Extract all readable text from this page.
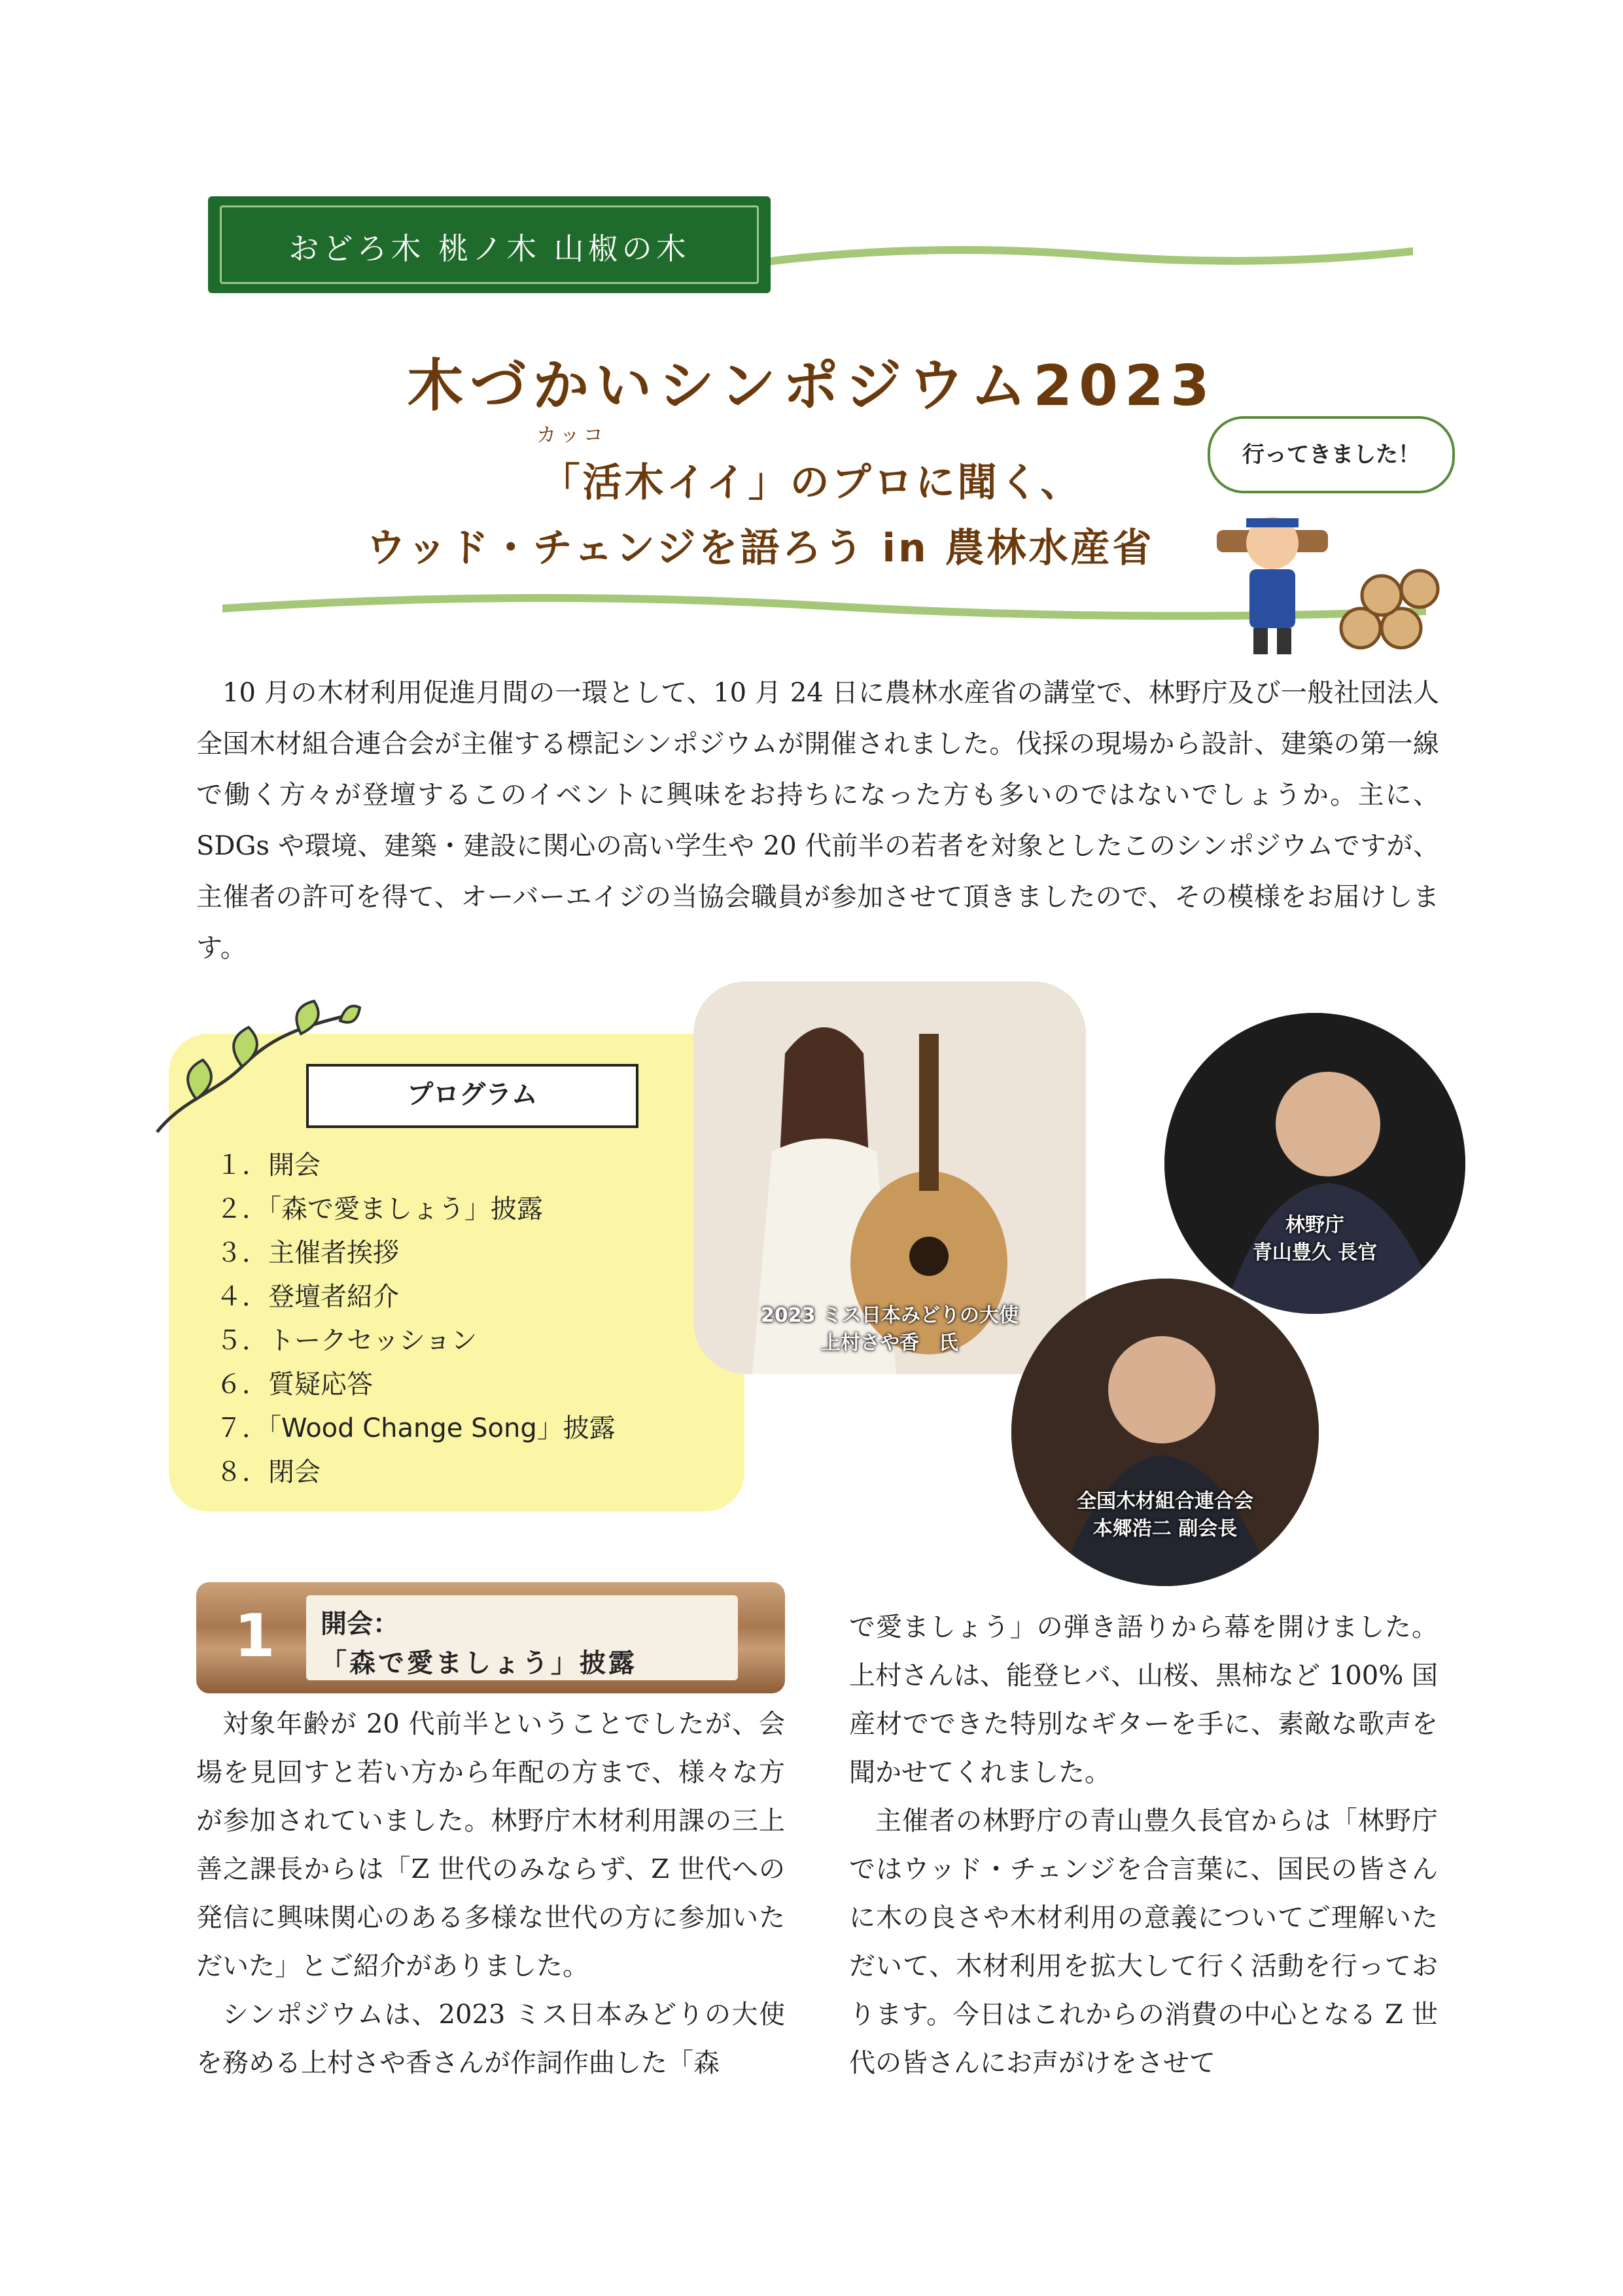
おどろ木 桃ノ木 山椒の木
木づかいシンポジウム2023
カッコ
「活木イイ」のプロに聞く、
ウッド・チェンジを語ろう in 農林水産省
行ってきました！

10 月の木材利用促進月間の一環として、10 月 24 日に農林水産省の講堂で、林野庁及び一般社団法人全国木材組合連合会が主催する標記シンポジウムが開催されました。伐採の現場から設計、建築の第一線で働く方々が登壇するこのイベントに興味をお持ちになった方も多いのではないでしょうか。主に、SDGs や環境、建築・建設に関心の高い学生や 20 代前半の若者を対象としたこのシンポジウムですが、主催者の許可を得て、オーバーエイジの当協会職員が参加させて頂きましたので、その模様をお届けします。

プログラム
１．開会
２．「森で愛ましょう」披露
３．主催者挨拶
４．登壇者紹介
５．トークセッション
６．質疑応答
７．「Wood Change Song」披露
８．閉会
2023 ミス日本みどりの大使
上村さや香　氏
林野庁
青山豊久 長官
全国木材組合連合会
本郷浩二 副会長
1 開会：
「森で愛ましょう」披露

対象年齢が 20 代前半ということでしたが、会場を見回すと若い方から年配の方まで、様々な方が参加されていました。林野庁木材利用課の三上 善之課長からは「Z 世代のみならず、Z 世代への発信に興味関心のある多様な世代の方に参加いただいた」とご紹介がありました。

シンポジウムは、2023 ミス日本みどりの大使を務める上村さや香さんが作詞作曲した「森

で愛ましょう」の弾き語りから幕を開けました。上村さんは、能登ヒバ、山桜、黒柿など 100% 国産材でできた特別なギターを手に、素敵な歌声を聞かせてくれました。

主催者の林野庁の青山豊久長官からは「林野庁ではウッド・チェンジを合言葉に、国民の皆さんに木の良さや木材利用の意義についてご理解いただいて、木材利用を拡大して行く活動を行っております。今日はこれからの消費の中心となる Z 世代の皆さんにお声がけをさせて
